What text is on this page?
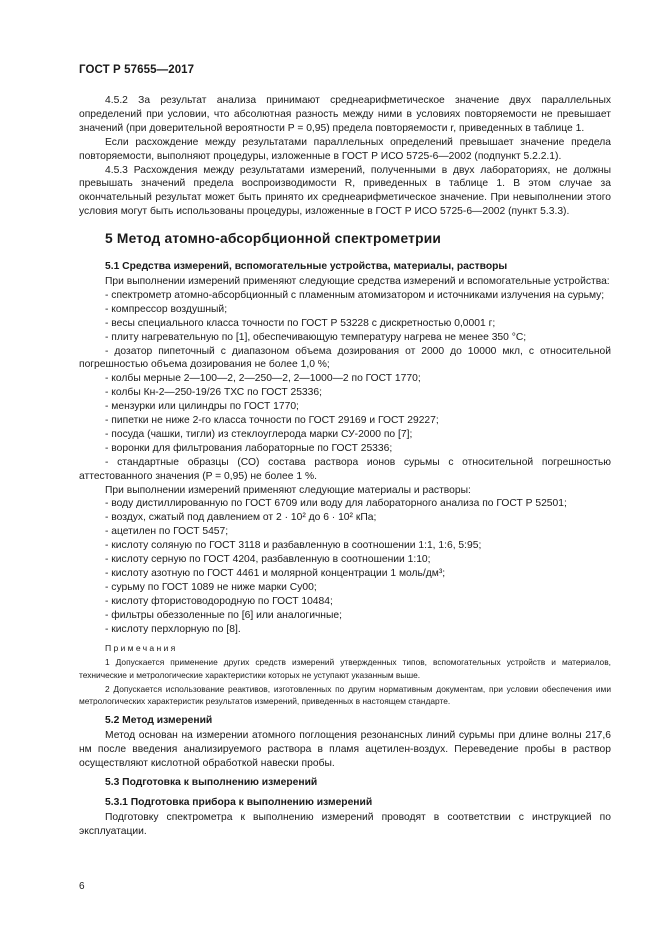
ГОСТ Р 57655—2017

4.5.2 За результат анализа принимают среднеарифметическое значение двух параллельных определений при условии, что абсолютная разность между ними в условиях повторяемости не превышает значений (при доверительной вероятности P = 0,95) предела повторяемости r, приведенных в таблице 1.

Если расхождение между результатами параллельных определений превышает значение предела повторяемости, выполняют процедуры, изложенные в ГОСТ Р ИСО 5725-6—2002 (подпункт 5.2.2.1).

4.5.3 Расхождения между результатами измерений, полученными в двух лабораториях, не должны превышать значений предела воспроизводимости R, приведенных в таблице 1. В этом случае за окончательный результат может быть принято их среднеарифметическое значение. При невыполнении этого условия могут быть использованы процедуры, изложенные в ГОСТ Р ИСО 5725-6—2002 (пункт 5.3.3).

5 Метод атомно-абсорбционной спектрометрии
5.1 Средства измерений, вспомогательные устройства, материалы, растворы

При выполнении измерений применяют следующие средства измерений и вспомогательные устройства:

- спектрометр атомно-абсорбционный с пламенным атомизатором и источниками излучения на сурьму;

- компрессор воздушный;

- весы специального класса точности по ГОСТ Р 53228 с дискретностью 0,0001 г;

- плиту нагревательную по [1], обеспечивающую температуру нагрева не менее 350 °С;

- дозатор пипеточный с диапазоном объема дозирования от 2000 до 10000 мкл, с относительной погрешностью объема дозирования не более 1,0 %;

- колбы мерные 2—100—2, 2—250—2, 2—1000—2 по ГОСТ 1770;

- колбы Кн-2—250-19/26 ТХС по ГОСТ 25336;

- мензурки или цилиндры по ГОСТ 1770;

- пипетки не ниже 2-го класса точности по ГОСТ 29169 и ГОСТ 29227;

- посуда (чашки, тигли) из стеклоуглерода марки СУ-2000 по [7];

- воронки для фильтрования лабораторные по ГОСТ 25336;

- стандартные образцы (СО) состава раствора ионов сурьмы с относительной погрешностью аттестованного значения (P = 0,95) не более 1 %.

При выполнении измерений применяют следующие материалы и растворы:

- воду дистиллированную по ГОСТ 6709 или воду для лабораторного анализа по ГОСТ Р 52501;

- воздух, сжатый под давлением от 2 · 10² до 6 · 10² кПа;

- ацетилен по ГОСТ 5457;

- кислоту соляную по ГОСТ 3118 и разбавленную в соотношении 1:1, 1:6, 5:95;

- кислоту серную по ГОСТ 4204, разбавленную в соотношении 1:10;

- кислоту азотную по ГОСТ 4461 и молярной концентрации 1 моль/дм³;

- сурьму по ГОСТ 1089 не ниже марки Су00;

- кислоту фтористоводородную по ГОСТ 10484;

- фильтры обеззоленные по [6] или аналогичные;

- кислоту перхлорную по [8].

Примечания

1 Допускается применение других средств измерений утвержденных типов, вспомогательных устройств и материалов, технические и метрологические характеристики которых не уступают указанным выше.

2 Допускается использование реактивов, изготовленных по другим нормативным документам, при условии обеспечения ими метрологических характеристик результатов измерений, приведенных в настоящем стандарте.

5.2 Метод измерений

Метод основан на измерении атомного поглощения резонансных линий сурьмы при длине волны 217,6 нм после введения анализируемого раствора в пламя ацетилен-воздух. Переведение пробы в раствор осуществляют кислотной обработкой навески пробы.

5.3 Подготовка к выполнению измерений
5.3.1 Подготовка прибора к выполнению измерений

Подготовку спектрометра к выполнению измерений проводят в соответствии с инструкцией по эксплуатации.

6
